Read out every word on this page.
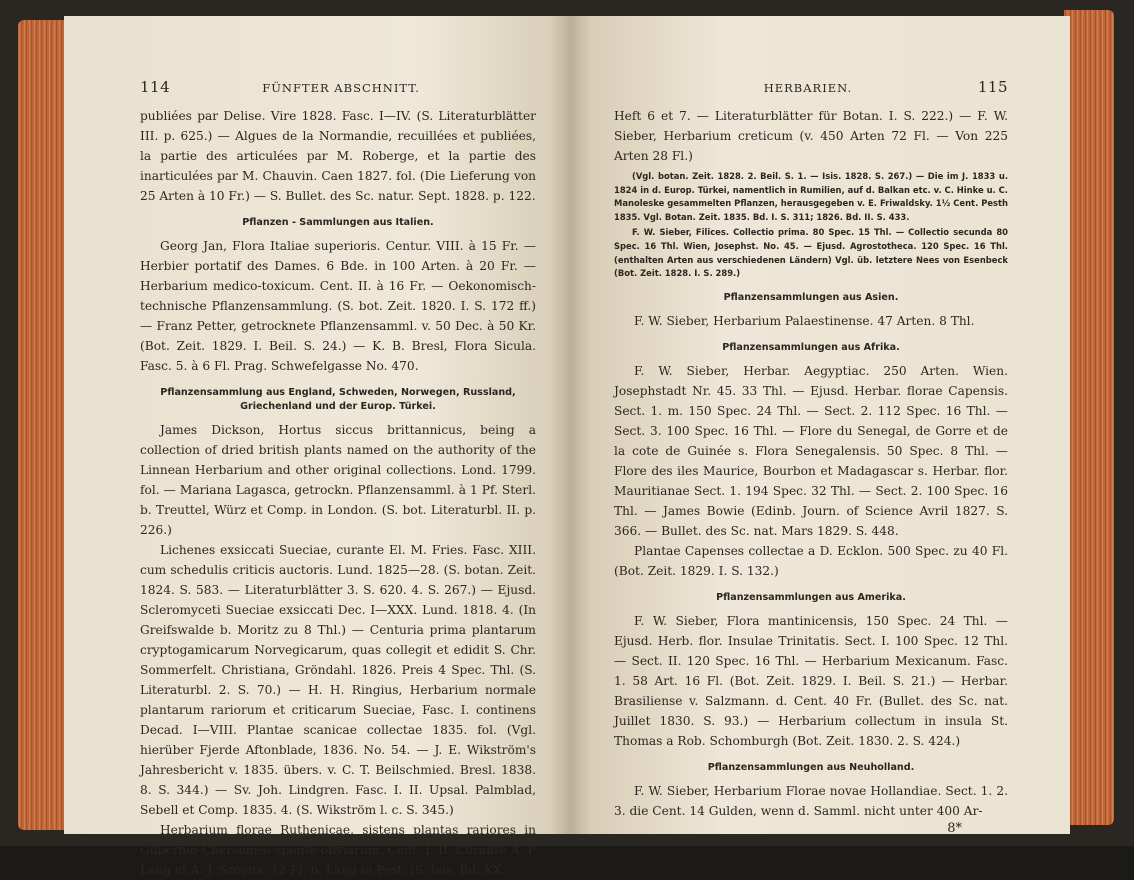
114	FÜNFTER ABSCHNITT.

publiées par Delise. Vire 1828. Fasc. I—IV. (S. Literaturblätter III. p. 625.) — Algues de la Normandie, recuillées et publiées, la partie des articulées par M. Roberge, et la partie des inarticulées par M. Chauvin. Caen 1827. fol. (Die Lieferung von 25 Arten à 10 Fr.) — S. Bullet. des Sc. natur. Sept. 1828. p. 122.

Pflanzen - Sammlungen aus Italien.

Georg Jan, Flora Italiae superioris. Centur. VIII. à 15 Fr. — Herbier portatif des Dames. 6 Bde. in 100 Arten. à 20 Fr. — Herbarium medico-toxicum. Cent. II. à 16 Fr. — Oekonomisch-technische Pflanzensammlung. (S. bot. Zeit. 1820. I. S. 172 ff.) — Franz Petter, getrocknete Pflanzensamml. v. 50 Dec. à 50 Kr. (Bot. Zeit. 1829. I. Beil. S. 24.) — K. B. Bresl, Flora Sicula. Fasc. 5. à 6 Fl. Prag. Schwefelgasse No. 470.

Pflanzensammlung aus England, Schweden, Norwegen, Russland, Griechenland und der Europ. Türkei.

James Dickson, Hortus siccus brittannicus, being a collection of dried british plants named on the authority of the Linnean Herbarium and other original collections. Lond. 1799. fol. — Mariana Lagasca, getrockn. Pflanzensamml. à 1 Pf. Sterl. b. Treuttel, Würz et Comp. in London. (S. bot. Literaturbl. II. p. 226.)

Lichenes exsiccati Sueciae, curante El. M. Fries. Fasc. XIII. cum schedulis criticis auctoris. Lund. 1825—28. (S. botan. Zeit. 1824. S. 583. — Literaturblätter 3. S. 620. 4. S. 267.) — Ejusd. Scleromyceti Sueciae exsiccati Dec. I—XXX. Lund. 1818. 4. (In Greifswalde b. Moritz zu 8 Thl.) — Centuria prima plantarum cryptogamicarum Norvegicarum, quas collegit et edidit S. Chr. Sommerfelt. Christiana, Gröndahl. 1826. Preis 4 Spec. Thl. (S. Literaturbl. 2. S. 70.) — H. H. Ringius, Herbarium normale plantarum rariorum et criticarum Sueciae, Fasc. I. continens Decad. I—VIII. Plantae scanicae collectae 1835. fol. (Vgl. hierüber Fjerde Aftonblade, 1836. No. 54. — J. E. Wikström's Jahresbericht v. 1835. übers. v. C. T. Beilschmied. Bresl. 1838. 8. S. 344.) — Sv. Joh. Lindgren. Fasc. I. II. Upsal. Palmblad, Sebell et Comp. 1835. 4. (S. Wikström l. c. S. 345.)

Herbarium florae Ruthenicae, sistens plantas rariores in Gubernio Chersonesi sponte obviarum. Cent. I. II. Curante A. F Lang et A. J. Szovits. 12 Fl. b. Lang in Pest. (S. Isis. Bd. XX.

HERBARIEN.	115

Heft 6 et 7. — Literaturblätter für Botan. I. S. 222.) — F. W. Sieber, Herbarium creticum (v. 450 Arten 72 Fl. — Von 225 Arten 28 Fl.)

(Vgl. botan. Zeit. 1828. 2. Beil. S. 1. — Isis. 1828. S. 267.) — Die im J. 1833 u. 1824 in d. Europ. Türkei, namentlich in Rumilien, auf d. Balkan etc. v. C. Hinke u. C. Manoleske gesammelten Pflanzen, herausgegeben v. E. Friwaldsky. 1½ Cent. Pesth 1835. Vgl. Botan. Zeit. 1835. Bd. I. S. 311; 1826. Bd. II. S. 433.

F. W. Sieber, Filices. Collectio prima. 80 Spec. 15 Thl. — Collectio secunda 80 Spec. 16 Thl. Wien, Josephst. No. 45. — Ejusd. Agrostotheca. 120 Spec. 16 Thl. (enthalten Arten aus verschiedenen Ländern) Vgl. üb. letztere Nees von Esenbeck (Bot. Zeit. 1828. I. S. 289.)

Pflanzensammlungen aus Asien.

F. W. Sieber, Herbarium Palaestinense. 47 Arten. 8 Thl.

Pflanzensammlungen aus Afrika.

F. W. Sieber, Herbar. Aegyptiac. 250 Arten. Wien. Josephstadt Nr. 45. 33 Thl. — Ejusd. Herbar. florae Capensis. Sect. 1. m. 150 Spec. 24 Thl. — Sect. 2. 112 Spec. 16 Thl. — Sect. 3. 100 Spec. 16 Thl. — Flore du Senegal, de Gorre et de la cote de Guinée s. Flora Senegalensis. 50 Spec. 8 Thl. — Flore des iles Maurice, Bourbon et Madagascar s. Herbar. flor. Mauritianae Sect. 1. 194 Spec. 32 Thl. — Sect. 2. 100 Spec. 16 Thl. — James Bowie (Edinb. Journ. of Science Avril 1827. S. 366. — Bullet. des Sc. nat. Mars 1829. S. 448.

Plantae Capenses collectae a D. Ecklon. 500 Spec. zu 40 Fl. (Bot. Zeit. 1829. I. S. 132.)

Pflanzensammlungen aus Amerika.

F. W. Sieber, Flora mantinicensis, 150 Spec. 24 Thl. — Ejusd. Herb. flor. Insulae Trinitatis. Sect. I. 100 Spec. 12 Thl. — Sect. II. 120 Spec. 16 Thl. — Herbarium Mexicanum. Fasc. 1. 58 Art. 16 Fl. (Bot. Zeit. 1829. I. Beil. S. 21.) — Herbar. Brasiliense v. Salzmann. d. Cent. 40 Fr. (Bullet. des Sc. nat. Juillet 1830. S. 93.) — Herbarium collectum in insula St. Thomas a Rob. Schomburgh (Bot. Zeit. 1830. 2. S. 424.)

Pflanzensammlungen aus Neuholland.

F. W. Sieber, Herbarium Florae novae Hollandiae. Sect. 1. 2. 3. die Cent. 14 Gulden, wenn d. Samml. nicht unter 400 Ar-

8*
